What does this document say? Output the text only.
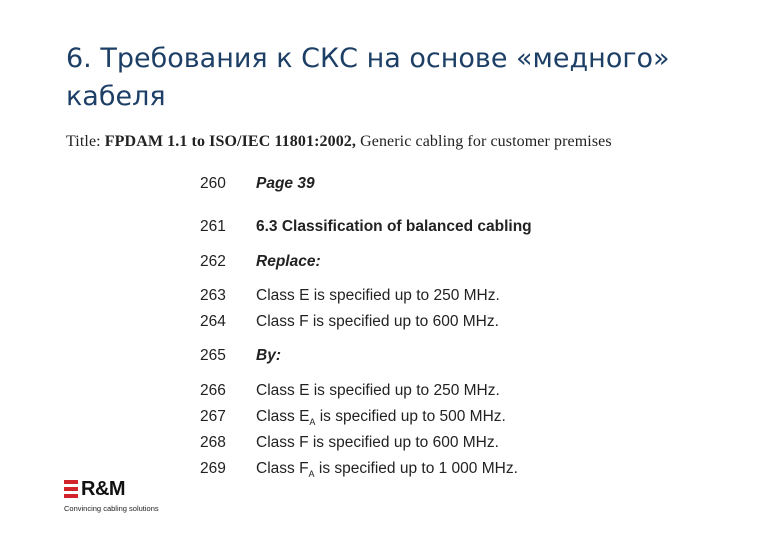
6. Требования к СКС на основе «медного» кабеля
Title: FPDAM 1.1 to ISO/IEC 11801:2002, Generic cabling for customer premises
260	Page 39
261	6.3 Classification of balanced cabling
262	Replace:
263	Class E is specified up to 250 MHz.
264	Class F is specified up to 600 MHz.
265	By:
266	Class E is specified up to 250 MHz.
267	Class $E_A$ is specified up to 500 MHz.
268	Class F is specified up to 600 MHz.
269	Class $F_A$ is specified up to 1 000 MHz.
R&M
Convincing cabling solutions
